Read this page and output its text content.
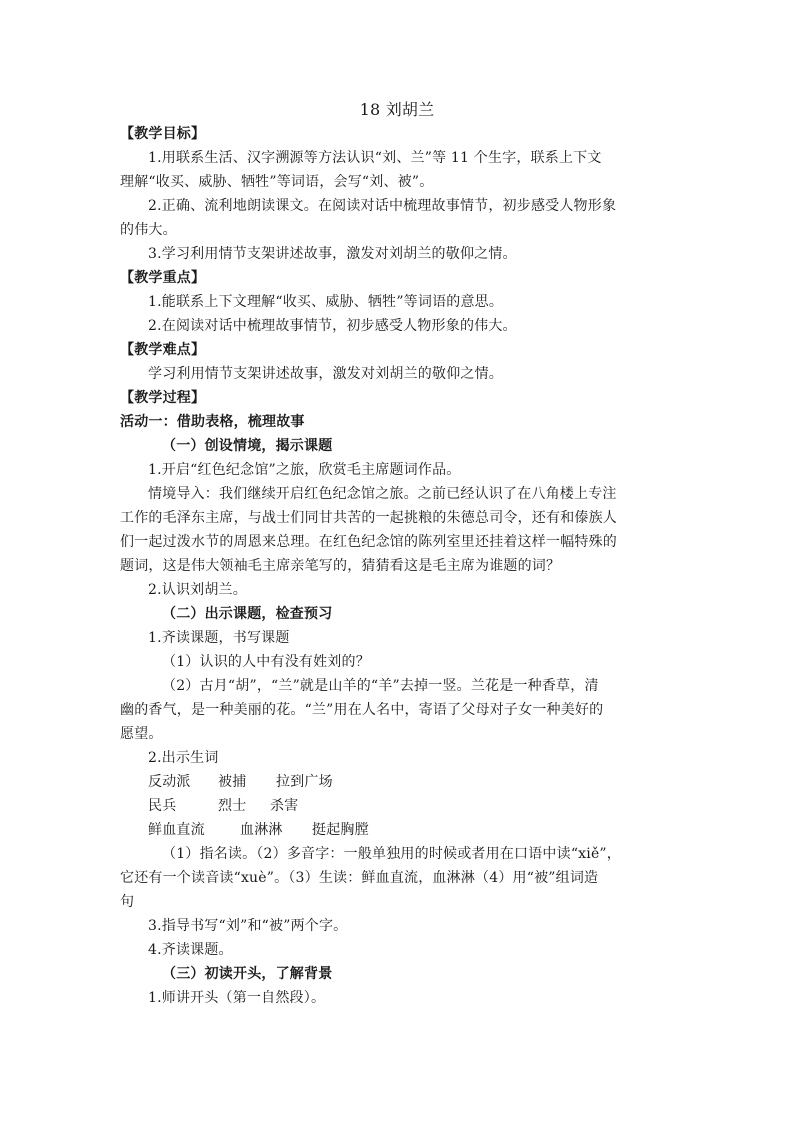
18 刘胡兰
【教学目标】
1.用联系生活、汉字溯源等方法认识“刘、兰”等 11 个生字，联系上下文
理解“收买、威胁、牺牲”等词语，会写“刘、被”。
2.正确、流利地朗读课文。在阅读对话中梳理故事情节，初步感受人物形象
的伟大。
3.学习利用情节支架讲述故事，激发对刘胡兰的敬仰之情。
【教学重点】
1.能联系上下文理解“收买、威胁、牺牲”等词语的意思。
2.在阅读对话中梳理故事情节，初步感受人物形象的伟大。
【教学难点】
学习利用情节支架讲述故事，激发对刘胡兰的敬仰之情。
【教学过程】
活动一：借助表格，梳理故事
（一）创设情境，揭示课题
1.开启“红色纪念馆”之旅，欣赏毛主席题词作品。
情境导入：我们继续开启红色纪念馆之旅。之前已经认识了在八角楼上专注
工作的毛泽东主席，与战士们同甘共苦的一起挑粮的朱德总司令，还有和傣族人
们一起过泼水节的周恩来总理。在红色纪念馆的陈列室里还挂着这样一幅特殊的
题词，这是伟大领袖毛主席亲笔写的，猜猜看这是毛主席为谁题的词？
2.认识刘胡兰。
（二）出示课题，检查预习
1.齐读课题，书写课题
（1）认识的人中有没有姓刘的？
（2）古月“胡”，“兰”就是山羊的“羊”去掉一竖。兰花是一种香草，清
幽的香气，是一种美丽的花。“兰”用在人名中，寄语了父母对子女一种美好的
愿望。
2.出示生词
反动派 被捕 拉到广场
民兵	烈士 杀害
鲜血直流	血淋淋 挺起胸膛
（1）指名读。（2）多音字：一般单独用的时候或者用在口语中读“xiě”，
它还有一个读音读“xuè”。（3）生读：鲜血直流，血淋淋（4）用“被”组词造
句
3.指导书写“刘”和“被”两个字。
4.齐读课题。
（三）初读开头，了解背景
1.师讲开头（第一自然段）。
